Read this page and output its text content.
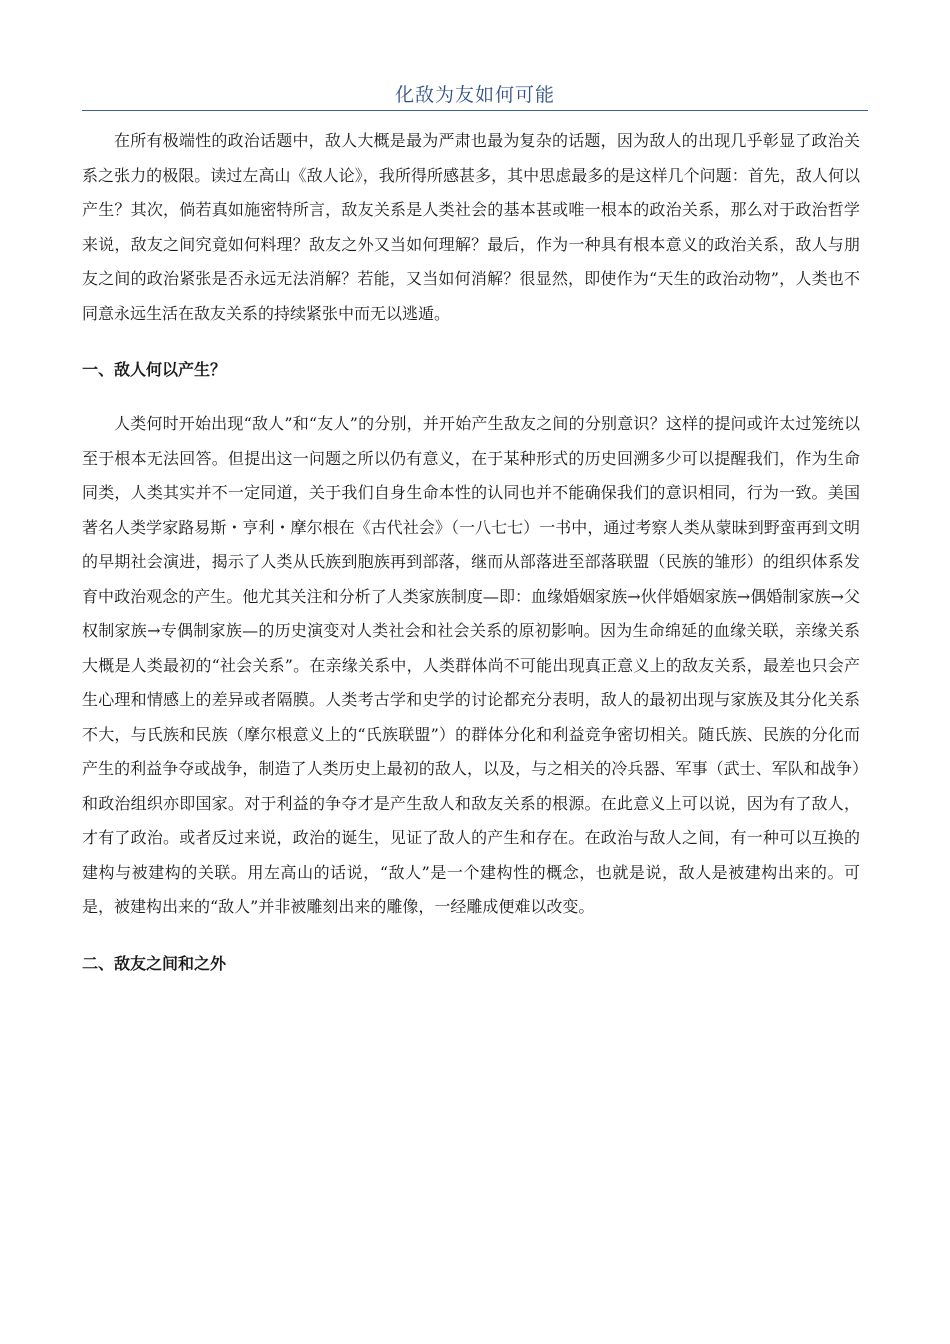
化敌为友如何可能

在所有极端性的政治话题中，敌人大概是最为严肃也最为复杂的话题，因为敌人的出现几乎彰显了政治关系之张力的极限。读过左高山《敌人论》，我所得所感甚多，其中思虑最多的是这样几个问题：首先，敌人何以产生？其次，倘若真如施密特所言，敌友关系是人类社会的基本甚或唯一根本的政治关系，那么对于政治哲学来说，敌友之间究竟如何料理？敌友之外又当如何理解？最后，作为一种具有根本意义的政治关系，敌人与朋友之间的政治紧张是否永远无法消解？若能，又当如何消解？很显然，即使作为“天生的政治动物”，人类也不同意永远生活在敌友关系的持续紧张中而无以逃遁。

一、敌人何以产生？

人类何时开始出现“敌人”和“友人”的分别，并开始产生敌友之间的分别意识？这样的提问或许太过笼统以至于根本无法回答。但提出这一问题之所以仍有意义，在于某种形式的历史回溯多少可以提醒我们，作为生命同类，人类其实并不一定同道，关于我们自身生命本性的认同也并不能确保我们的意识相同，行为一致。美国著名人类学家路易斯・亨利・摩尔根在《古代社会》（一八七七）一书中，通过考察人类从蒙昧到野蛮再到文明的早期社会演进，揭示了人类从氏族到胞族再到部落，继而从部落进至部落联盟（民族的雏形）的组织体系发育中政治观念的产生。他尤其关注和分析了人类家族制度—即：血缘婚姻家族→伙伴婚姻家族→偶婚制家族→父权制家族→专偶制家族—的历史演变对人类社会和社会关系的原初影响。因为生命绵延的血缘关联，亲缘关系大概是人类最初的“社会关系”。在亲缘关系中，人类群体尚不可能出现真正意义上的敌友关系，最差也只会产生心理和情感上的差异或者隔膜。人类考古学和史学的讨论都充分表明，敌人的最初出现与家族及其分化关系不大，与氏族和民族（摩尔根意义上的“氏族联盟”）的群体分化和利益竞争密切相关。随氏族、民族的分化而产生的利益争夺或战争，制造了人类历史上最初的敌人，以及，与之相关的冷兵器、军事（武士、军队和战争）和政治组织亦即国家。对于利益的争夺才是产生敌人和敌友关系的根源。在此意义上可以说，因为有了敌人，才有了政治。或者反过来说，政治的诞生，见证了敌人的产生和存在。在政治与敌人之间，有一种可以互换的建构与被建构的关联。用左高山的话说，“敌人”是一个建构性的概念，也就是说，敌人是被建构出来的。可是，被建构出来的“敌人”并非被雕刻出来的雕像，一经雕成便难以改变。

二、敌友之间和之外
